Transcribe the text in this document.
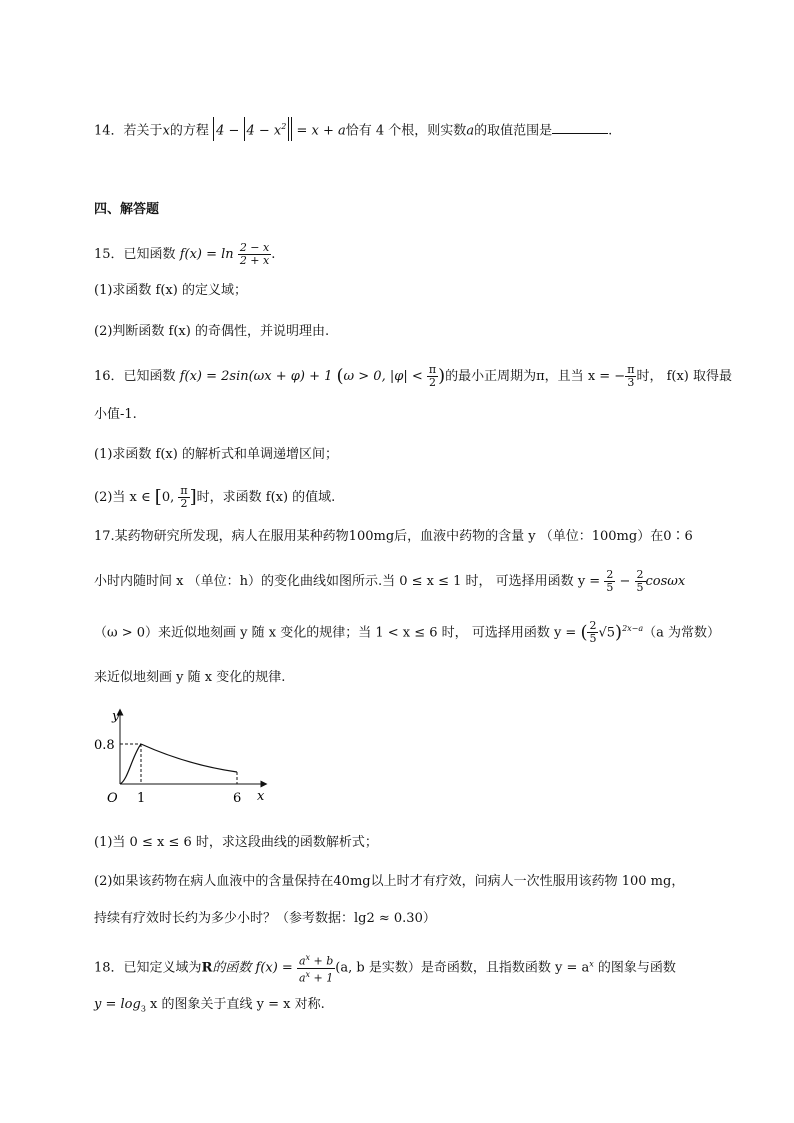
14．若关于x的方程 $4 - 4 - x^2 = x + a$恰有 4 个根，则实数a的取值范围是	.
四、解答题
15．已知函数 $f(x) = \ln \frac{2 - x}{2 + x}$ .
(1)求函数 f(x) 的定义域；
(2)判断函数 f(x) 的奇偶性，并说明理由.
16．已知函数 f(x) = 2sin(ωx + φ) + 1 (ω > 0, $|\varphi| < \frac{\pi}{2}$ )的最小正周期为π，且当 x = − $\frac{\pi}{3}$ 时， f(x) 取得最
小值-1.
(1)求函数 f(x) 的解析式和单调递增区间；
(2)当 x ∈ [0, $\frac{\pi}{2}$ ]时，求函数 f(x) 的值域.
17.某药物研究所发现，病人在服用某种药物100mg后，血液中药物的含量 y （单位：100mg）在0∶6
小时内随时间 x （单位：h）的变化曲线如图所示.当 0 ≤ x ≤ 1 时， 可选择用函数 $y = \frac{2}{5} - \frac{2}{5}$ cosωx
（ω > 0）来近似地刻画 y 随 x 变化的规律；当 1 < x ≤ 6 时， 可选择用函数 y = ( $\frac{2}{5} √5)^{2x-a}(a$ 为常数）
来近似地刻画 y 随 x 变化的规律.
y
x
O
0.8
1	6
(1)当 0 ≤ x ≤ 6 时，求这段曲线的函数解析式；
(2)如果该药物在病人血液中的含量保持在40mg以上时才有疗效，问病人一次性服用该药物 100 mg，
持续有疗效时长约为多少小时？（参考数据：lg2 ≈ 0.30）
18．已知定义域为R的函数 $f(x) = \frac{a^x + b}{a^x + 1} (a$, b 是实数）是奇函数，且指数函数 $y = a^x$ 的图象与函数
$y = \log_3 x$ 的图象关于直线 y = x 对称.
